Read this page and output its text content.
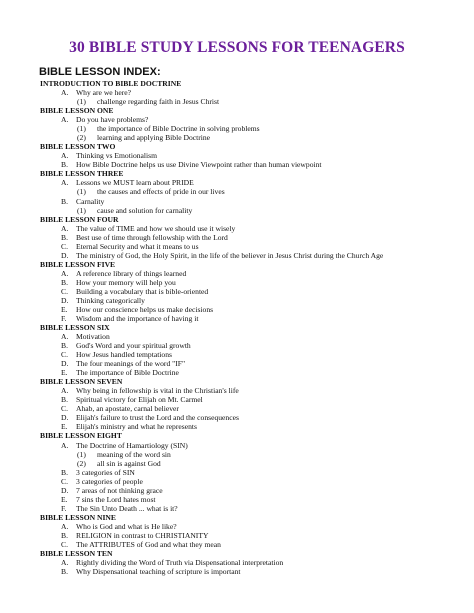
30 BIBLE STUDY LESSONS FOR TEENAGERS
BIBLE LESSON INDEX:
INTRODUCTION TO BIBLE DOCTRINE
A. Why are we here?
(1) challenge regarding faith in Jesus Christ
BIBLE LESSON ONE
A. Do you have problems?
(1) the importance of Bible Doctrine in solving problems
(2) learning and applying Bible Doctrine
BIBLE LESSON TWO
A. Thinking vs Emotionalism
B. How Bible Doctrine helps us use Divine Viewpoint rather than human viewpoint
BIBLE LESSON THREE
A. Lessons we MUST learn about PRIDE
(1) the causes and effects of pride in our lives
B. Carnality
(1) cause and solution for carnality
BIBLE LESSON FOUR
A. The value of TIME and how we should use it wisely
B. Best use of time through fellowship with the Lord
C. Eternal Security and what it means to us
D. The ministry of God, the Holy Spirit, in the life of the believer in Jesus Christ during the Church Age
BIBLE LESSON FIVE
A. A reference library of things learned
B. How your memory will help you
C. Building a vocabulary that is bible-oriented
D. Thinking categorically
E. How our conscience helps us make decisions
F. Wisdom and the importance of having it
BIBLE LESSON SIX
A. Motivation
B. God's Word and your spiritual growth
C. How Jesus handled temptations
D. The four meanings of the word "IF"
E. The importance of Bible Doctrine
BIBLE LESSON SEVEN
A. Why being in fellowship is vital in the Christian's life
B. Spiritual victory for Elijah on Mt. Carmel
C. Ahab, an apostate, carnal believer
D. Elijah's failure to trust the Lord and the consequences
E. Elijah's ministry and what he represents
BIBLE LESSON EIGHT
A. The Doctrine of Hamartiology (SIN)
(1) meaning of the word sin
(2) all sin is against God
B. 3 categories of SIN
C. 3 categories of people
D. 7 areas of not thinking grace
E. 7 sins the Lord hates most
F. The Sin Unto Death ... what is it?
BIBLE LESSON NINE
A. Who is God and what is He like?
B. RELIGION in contrast to CHRISTIANITY
C. The ATTRIBUTES of God and what they mean
BIBLE LESSON TEN
A. Rightly dividing the Word of Truth via Dispensational interpretation
B. Why Dispensational teaching of scripture is important
